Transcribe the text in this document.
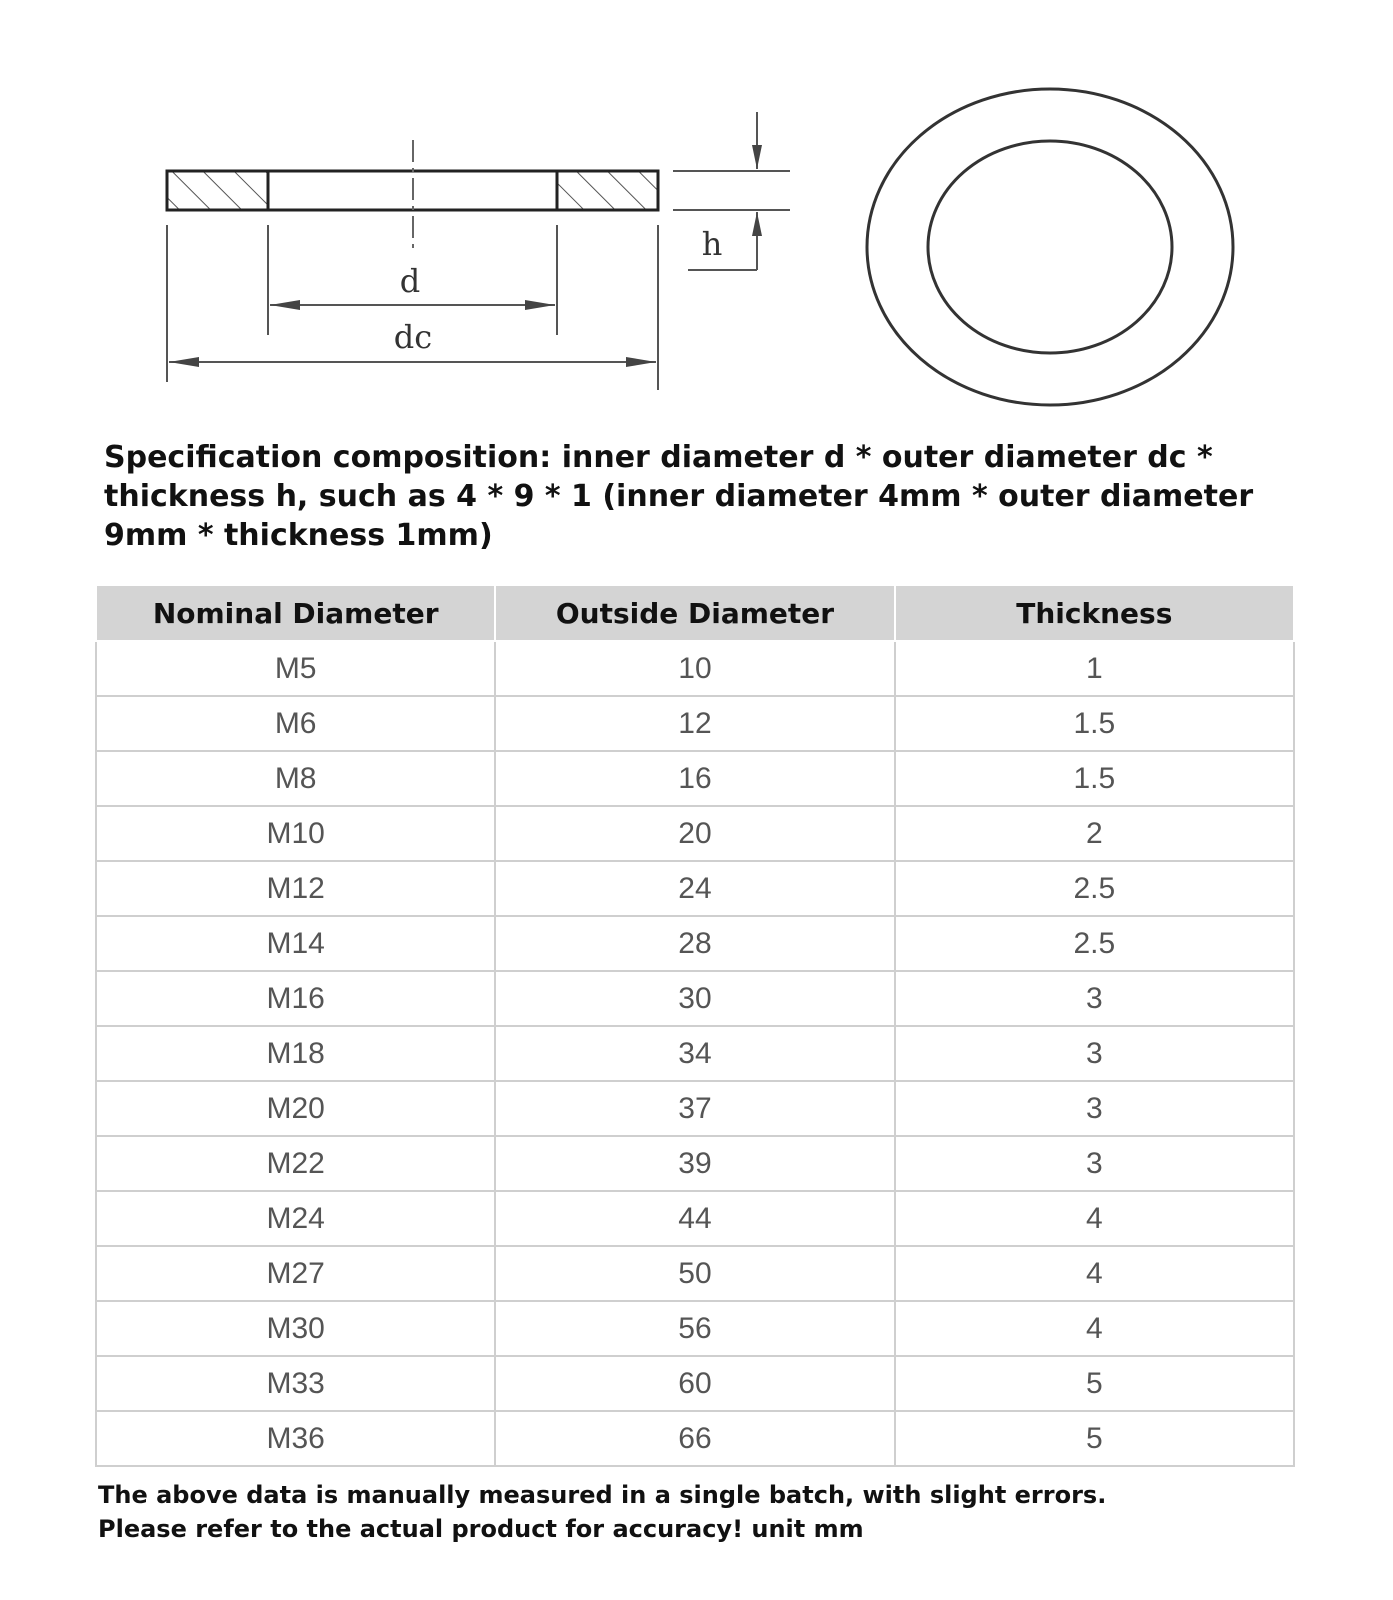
d
dc
h

Specification composition: inner diameter d * outer diameter dc * thickness h, such as 4 * 9 * 1 (inner diameter 4mm * outer diameter 9mm * thickness 1mm)

Nominal Diameter	Outside Diameter	Thickness
M5	10	1
M6	12	1.5
M8	16	1.5
M10	20	2
M12	24	2.5
M14	28	2.5
M16	30	3
M18	34	3
M20	37	3
M22	39	3
M24	44	4
M27	50	4
M30	56	4
M33	60	5
M36	66	5

The above data is manually measured in a single batch, with slight errors.
Please refer to the actual product for accuracy! unit mm
